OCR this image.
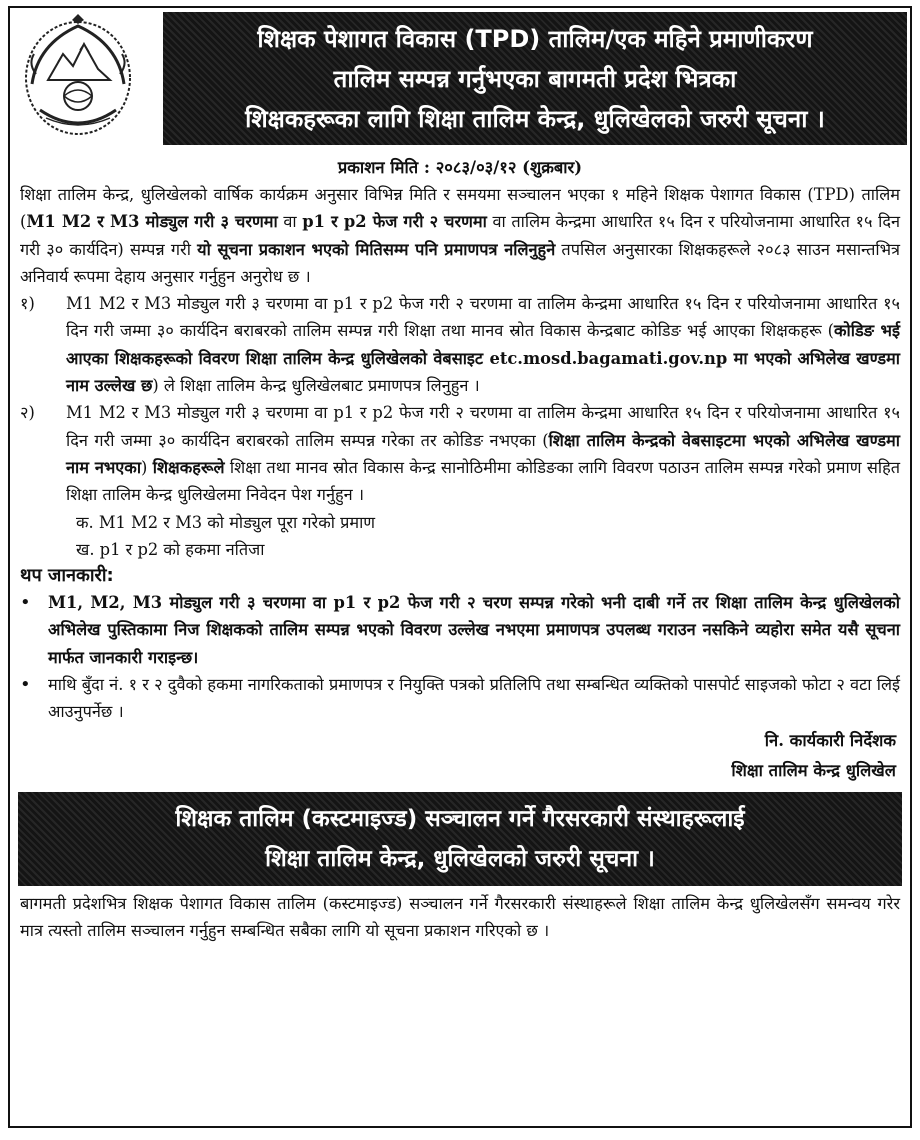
शिक्षक पेशागत विकास (TPD) तालिम/एक महिने प्रमाणीकरण
तालिम सम्पन्न गर्नुभएका बागमती प्रदेश भित्रका
शिक्षकहरूका लागि शिक्षा तालिम केन्द्र, धुलिखेलको जरुरी सूचना ।
प्रकाशन मिति : २०८३/०३/१२ (शुक्रबार)

शिक्षा तालिम केन्द्र, धुलिखेलको वार्षिक कार्यक्रम अनुसार विभिन्न मिति र समयमा सञ्चालन भएका १ महिने शिक्षक पेशागत विकास (TPD) तालिम (M1 M2 र M3 मोड्युल गरी ३ चरणमा वा p1 र p2 फेज गरी २ चरणमा वा तालिम केन्द्रमा आधारित १५ दिन र परियोजनामा आधारित १५ दिन गरी ३० कार्यदिन) सम्पन्न गरी यो सूचना प्रकाशन भएको मितिसम्म पनि प्रमाणपत्र नलिनुहुने तपसिल अनुसारका शिक्षकहरूले २०८३ साउन मसान्तभित्र अनिवार्य रूपमा देहाय अनुसार गर्नुहुन अनुरोध छ ।

१)	M1 M2 र M3 मोड्युल गरी ३ चरणमा वा p1 र p2 फेज गरी २ चरणमा वा तालिम केन्द्रमा आधारित १५ दिन र परियोजनामा आधारित १५ दिन गरी जम्मा ३० कार्यदिन बराबरको तालिम सम्पन्न गरी शिक्षा तथा मानव स्रोत विकास केन्द्रबाट कोडिङ भई आएका शिक्षकहरू (कोडिङ भई आएका शिक्षकहरूको विवरण शिक्षा तालिम केन्द्र धुलिखेलको वेबसाइट etc.mosd.bagamati.gov.np मा भएको अभिलेख खण्डमा नाम उल्लेख छ) ले शिक्षा तालिम केन्द्र धुलिखेलबाट प्रमाणपत्र लिनुहुन ।
२)	M1 M2 र M3 मोड्युल गरी ३ चरणमा वा p1 र p2 फेज गरी २ चरणमा वा तालिम केन्द्रमा आधारित १५ दिन र परियोजनामा आधारित १५ दिन गरी जम्मा ३० कार्यदिन बराबरको तालिम सम्पन्न गरेका तर कोडिङ नभएका (शिक्षा तालिम केन्द्रको वेबसाइटमा भएको अभिलेख खण्डमा नाम नभएका) शिक्षकहरूले शिक्षा तथा मानव स्रोत विकास केन्द्र सानोठिमीमा कोडिङका लागि विवरण पठाउन तालिम सम्पन्न गरेको प्रमाण सहित शिक्षा तालिम केन्द्र धुलिखेलमा निवेदन पेश गर्नुहुन ।
क. M1 M2 र M3 को मोड्युल पूरा गरेको प्रमाण
ख. p1 र p2 को हकमा नतिजा
थप जानकारी:
•	M1, M2, M3 मोड्युल गरी ३ चरणमा वा p1 र p2 फेज गरी २ चरण सम्पन्न गरेको भनी दाबी गर्ने तर शिक्षा तालिम केन्द्र धुलिखेलको अभिलेख पुस्तिकामा निज शिक्षकको तालिम सम्पन्न भएको विवरण उल्लेख नभएमा प्रमाणपत्र उपलब्ध गराउन नसकिने व्यहोरा समेत यसै सूचना मार्फत जानकारी गराइन्छ।
•	माथि बुँदा नं. १ र २ दुवैको हकमा नागरिकताको प्रमाणपत्र र नियुक्ति पत्रको प्रतिलिपि तथा सम्बन्धित व्यक्तिको पासपोर्ट साइजको फोटा २ वटा लिई आउनुपर्नेछ ।
नि. कार्यकारी निर्देशक
शिक्षा तालिम केन्द्र धुलिखेल
शिक्षक तालिम (कस्टमाइज्ड) सञ्चालन गर्ने गैरसरकारी संस्थाहरूलाई
शिक्षा तालिम केन्द्र, धुलिखेलको जरुरी सूचना ।
बागमती प्रदेशभित्र शिक्षक पेशागत विकास तालिम (कस्टमाइज्ड) सञ्चालन गर्ने गैरसरकारी संस्थाहरूले शिक्षा तालिम केन्द्र धुलिखेलसँग समन्वय गरेर मात्र त्यस्तो तालिम सञ्चालन गर्नुहुन सम्बन्धित सबैका लागि यो सूचना प्रकाशन गरिएको छ ।
